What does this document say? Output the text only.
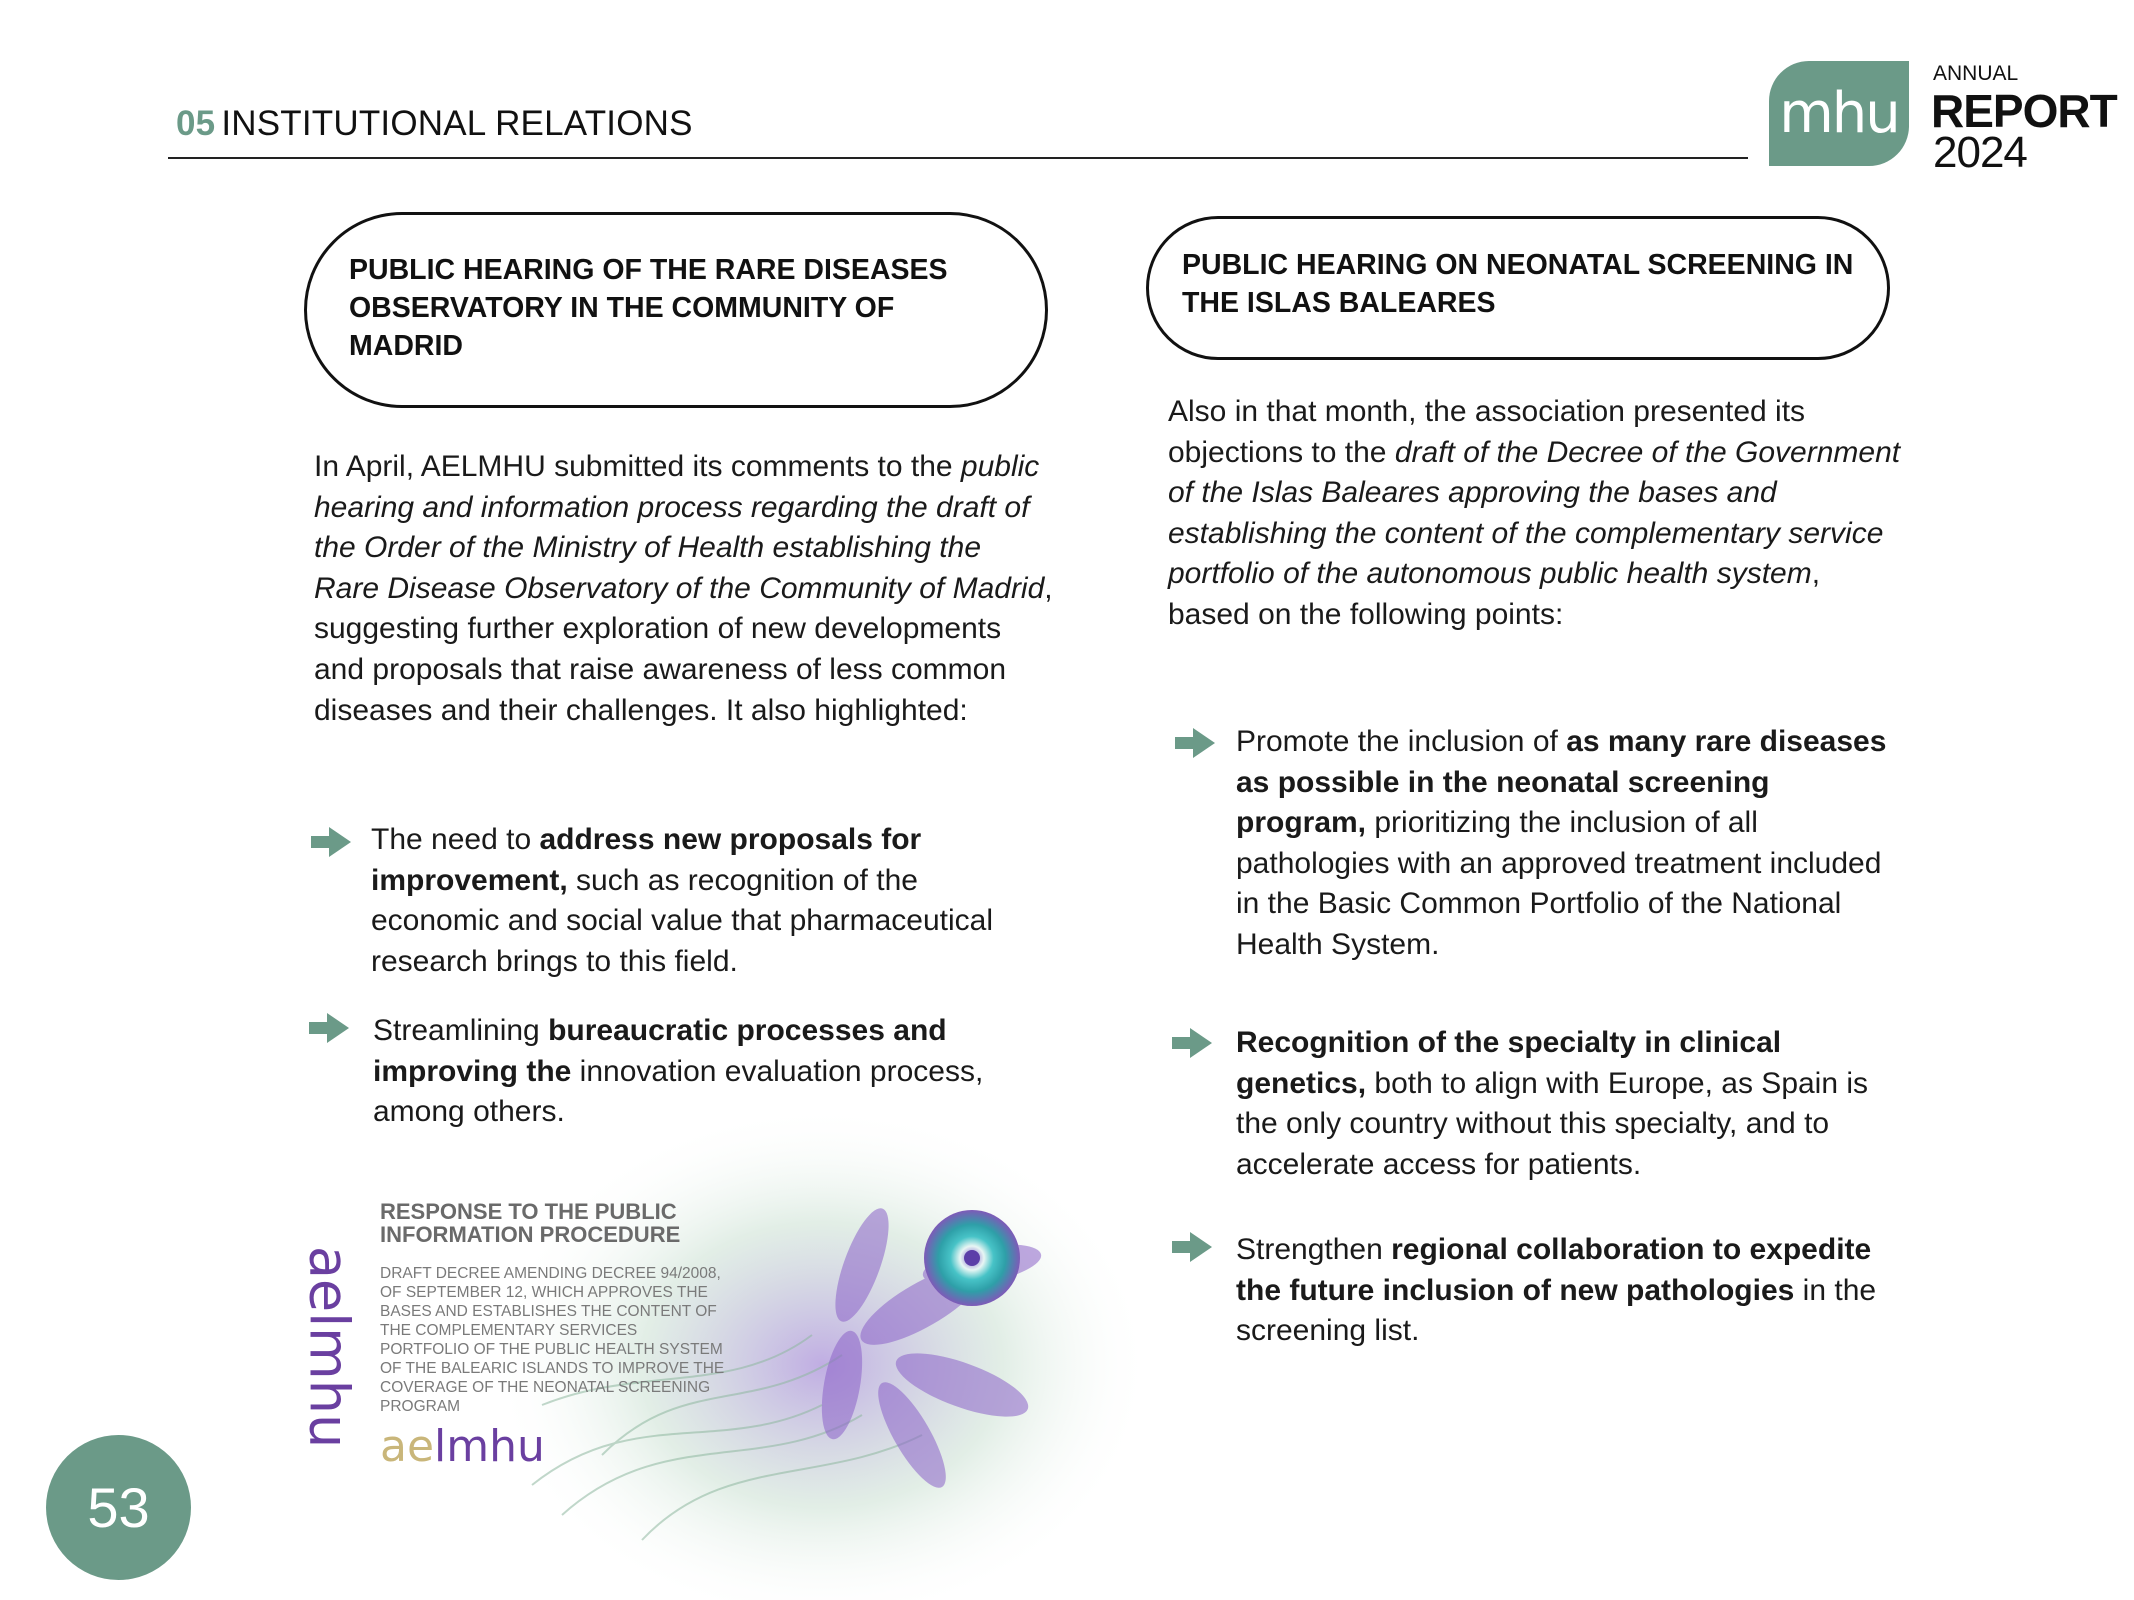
05 INSTITUTIONAL RELATIONS	mhu
ANNUAL
REPORT
2024
PUBLIC HEARING OF THE RARE DISEASES OBSERVATORY IN THE COMMUNITY OF MADRID
In April, AELMHU submitted its comments to the public hearing and information process regarding the draft of the Order of the Ministry of Health establishing the Rare Disease Observatory of the Community of Madrid, suggesting further exploration of new developments and proposals that raise awareness of less common diseases and their challenges. It also highlighted:
The need to address new proposals for improvement, such as recognition of the economic and social value that pharmaceutical research brings to this field.
Streamlining bureaucratic processes and improving the innovation evaluation process, among others.
aelmhu
RESPONSE TO THE PUBLIC INFORMATION PROCEDURE
DRAFT DECREE AMENDING DECREE 94/2008, OF SEPTEMBER 12, WHICH APPROVES THE BASES AND ESTABLISHES THE CONTENT OF THE COMPLEMENTARY SERVICES PORTFOLIO OF THE PUBLIC HEALTH SYSTEM OF THE BALEARIC ISLANDS TO IMPROVE THE COVERAGE OF THE NEONATAL SCREENING PROGRAM
aelmhu
PUBLIC HEARING ON NEONATAL SCREENING IN THE ISLAS BALEARES
Also in that month, the association presented its objections to the draft of the Decree of the Government of the Islas Baleares approving the bases and establishing the content of the complementary service portfolio of the autonomous public health system, based on the following points:
Promote the inclusion of as many rare diseases as possible in the neonatal screening program, prioritizing the inclusion of all pathologies with an approved treatment included in the Basic Common Portfolio of the National Health System.
Recognition of the specialty in clinical genetics, both to align with Europe, as Spain is the only country without this specialty, and to accelerate access for patients.
Strengthen regional collaboration to expedite the future inclusion of new pathologies in the screening list.
53
